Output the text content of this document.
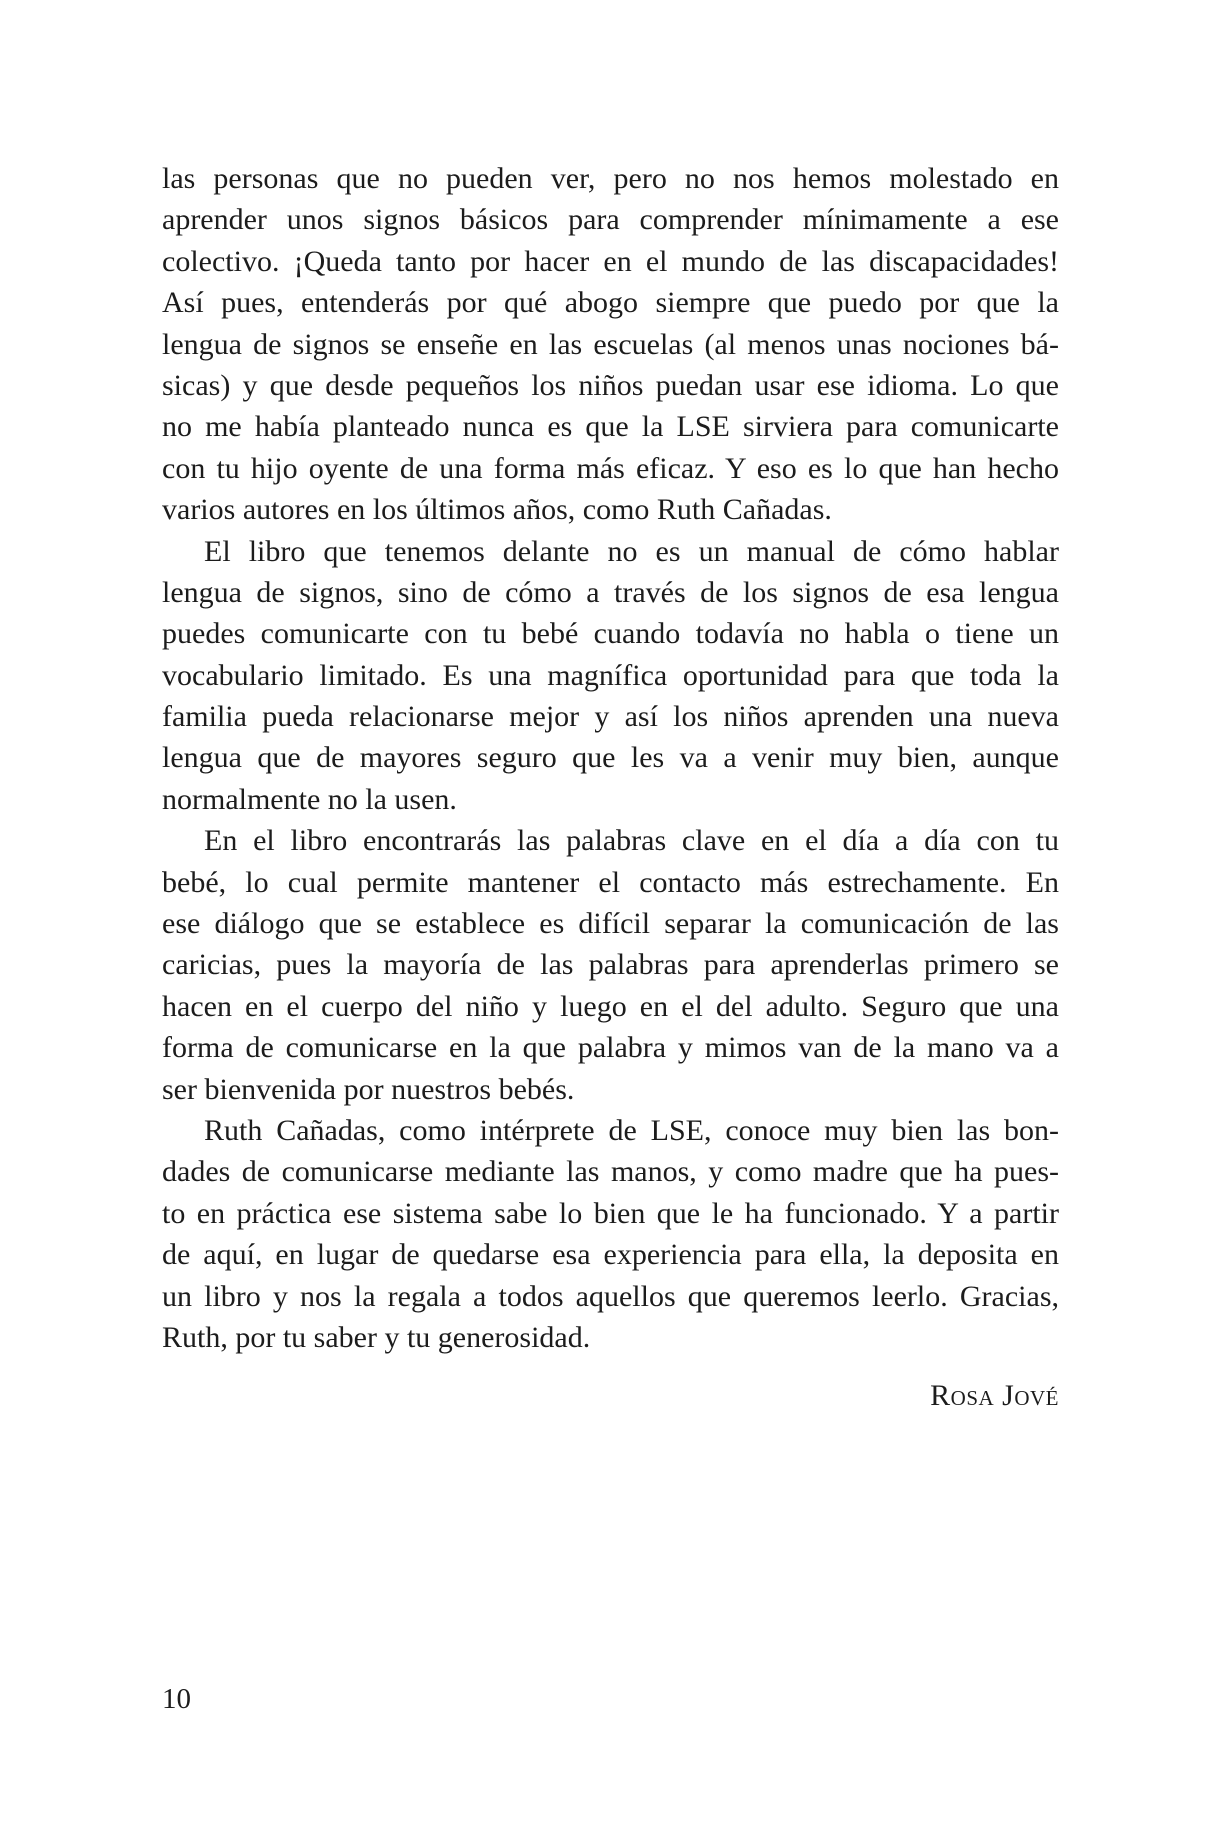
las personas que no pueden ver, pero no nos hemos molestado en
aprender unos signos básicos para comprender mínimamente a ese
colectivo. ¡Queda tanto por hacer en el mundo de las discapacidades!
Así pues, entenderás por qué abogo siempre que puedo por que la
lengua de signos se enseñe en las escuelas (al menos unas nociones bá-
sicas) y que desde pequeños los niños puedan usar ese idioma. Lo que
no me había planteado nunca es que la LSE sirviera para comunicarte
con tu hijo oyente de una forma más eficaz. Y eso es lo que han hecho
varios autores en los últimos años, como Ruth Cañadas.
El libro que tenemos delante no es un manual de cómo hablar
lengua de signos, sino de cómo a través de los signos de esa lengua
puedes comunicarte con tu bebé cuando todavía no habla o tiene un
vocabulario limitado. Es una magnífica oportunidad para que toda la
familia pueda relacionarse mejor y así los niños aprenden una nueva
lengua que de mayores seguro que les va a venir muy bien, aunque
normalmente no la usen.
En el libro encontrarás las palabras clave en el día a día con tu
bebé, lo cual permite mantener el contacto más estrechamente. En
ese diálogo que se establece es difícil separar la comunicación de las
caricias, pues la mayoría de las palabras para aprenderlas primero se
hacen en el cuerpo del niño y luego en el del adulto. Seguro que una
forma de comunicarse en la que palabra y mimos van de la mano va a
ser bienvenida por nuestros bebés.
Ruth Cañadas, como intérprete de LSE, conoce muy bien las bon-
dades de comunicarse mediante las manos, y como madre que ha pues-
to en práctica ese sistema sabe lo bien que le ha funcionado. Y a partir
de aquí, en lugar de quedarse esa experiencia para ella, la deposita en
un libro y nos la regala a todos aquellos que queremos leerlo. Gracias,
Ruth, por tu saber y tu generosidad.
Rosa Jové
10
